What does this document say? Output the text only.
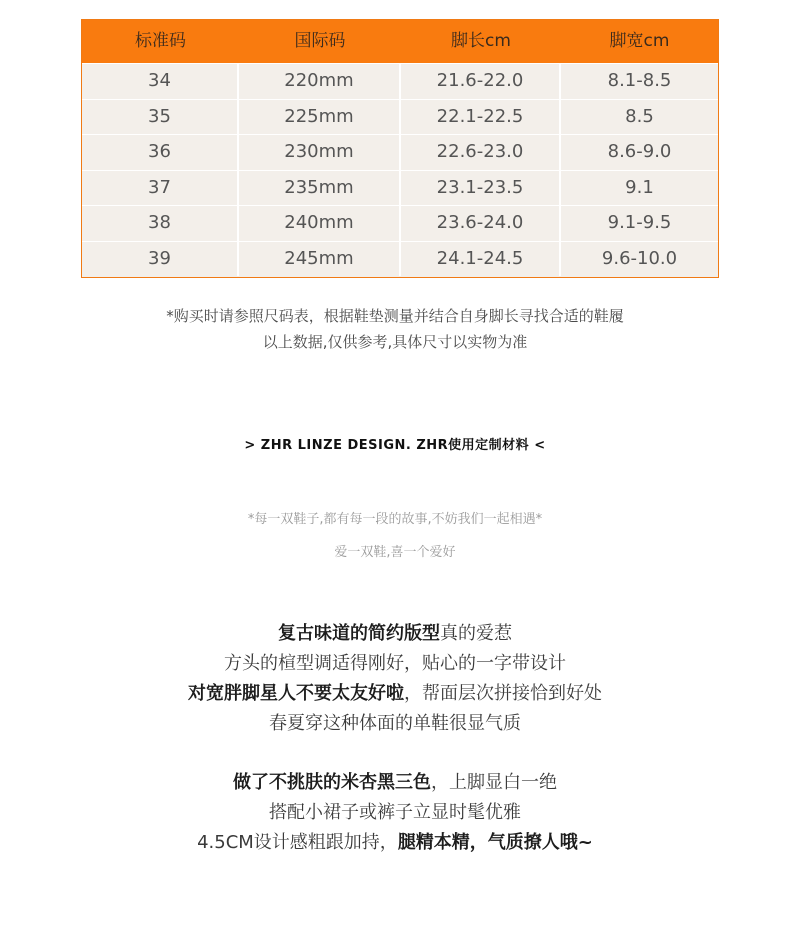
标准码	国际码	脚长cm	脚宽cm
34	220mm	21.6-22.0	8.1-8.5
35	225mm	22.1-22.5	8.5
36	230mm	22.6-23.0	8.6-9.0
37	235mm	23.1-23.5	9.1
38	240mm	23.6-24.0	9.1-9.5
39	245mm	24.1-24.5	9.6-10.0
*购买时请参照尺码表，根据鞋垫测量并结合自身脚长寻找合适的鞋履
以上数据,仅供参考,具体尺寸以实物为准
> ZHR LINZE DESIGN. ZHR使用定制材料 <
*每一双鞋子,都有每一段的故事,不妨我们一起相遇*
爱一双鞋,喜一个爱好
复古味道的简约版型真的爱惹
方头的楦型调适得刚好，贴心的一字带设计
对宽胖脚星人不要太友好啦，帮面层次拼接恰到好处
春夏穿这种体面的单鞋很显气质
做了不挑肤的米杏黑三色，上脚显白一绝
搭配小裙子或裤子立显时髦优雅
4.5CM设计感粗跟加持，腿精本精，气质撩人哦~
